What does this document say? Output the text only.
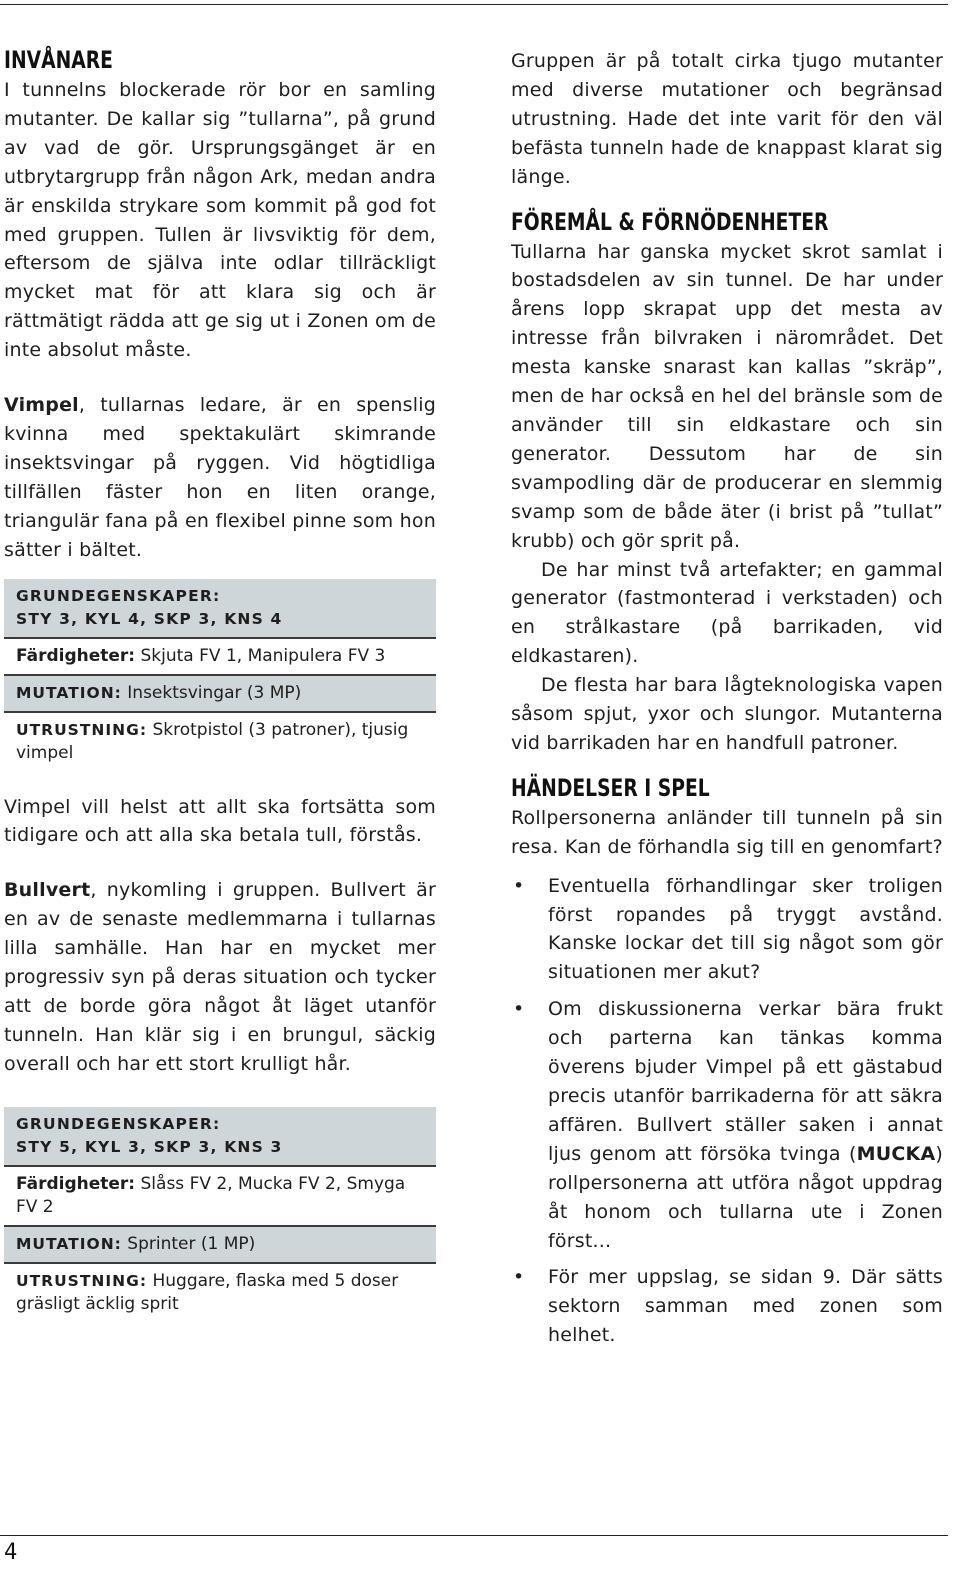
INVÅNARE

I tunnelns blockerade rör bor en samling mutanter. De kallar sig ”tullarna”, på grund av vad de gör. Ursprungsgänget är en utbrytargrupp från någon Ark, medan andra är enskilda strykare som kommit på god fot med gruppen. Tullen är livsviktig för dem, eftersom de själva inte odlar tillräckligt mycket mat för att klara sig och är rättmätigt rädda att ge sig ut i Zonen om de inte absolut måste.

Vimpel, tullarnas ledare, är en spenslig kvinna med spektakulärt skimrande insektsvingar på ryggen. Vid högtidliga tillfällen fäster hon en liten orange, triangulär fana på en flexibel pinne som hon sätter i bältet.

GRUNDEGENSKAPER:
STY 3, KYL 4, SKP 3, KNS 4
Färdigheter: Skjuta FV 1, Manipulera FV 3
MUTATION: Insektsvingar (3 MP)
UTRUSTNING: Skrotpistol (3 patroner), tjusig vimpel

Vimpel vill helst att allt ska fortsätta som tidigare och att alla ska betala tull, förstås.

Bullvert, nykomling i gruppen. Bullvert är en av de senaste medlemmarna i tullarnas lilla samhälle. Han har en mycket mer progressiv syn på deras situation och tycker att de borde göra något åt läget utanför tunneln. Han klär sig i en brungul, säckig overall och har ett stort krulligt hår.

GRUNDEGENSKAPER:
STY 5, KYL 3, SKP 3, KNS 3
Färdigheter: Slåss FV 2, Mucka FV 2, Smyga FV 2
MUTATION: Sprinter (1 MP)
UTRUSTNING: Huggare, flaska med 5 doser gräsligt äcklig sprit

Gruppen är på totalt cirka tjugo mutanter med diverse mutationer och begränsad utrustning. Hade det inte varit för den väl befästa tunneln hade de knappast klarat sig länge.

FÖREMÅL & FÖRNÖDENHETER

Tullarna har ganska mycket skrot samlat i bostadsdelen av sin tunnel. De har under årens lopp skrapat upp det mesta av intresse från bilvraken i närområdet. Det mesta kanske snarast kan kallas ”skräp”, men de har också en hel del bränsle som de använder till sin eldkastare och sin generator. Dessutom har de sin svampodling där de producerar en slemmig svamp som de både äter (i brist på ”tullat” krubb) och gör sprit på.

De har minst två artefakter; en gammal generator (fastmonterad i verkstaden) och en strålkastare (på barrikaden, vid eldkastaren).

De flesta har bara lågteknologiska vapen såsom spjut, yxor och slungor. Mutanterna vid barrikaden har en handfull patroner.

HÄNDELSER I SPEL

Rollpersonerna anländer till tunneln på sin resa. Kan de förhandla sig till en genomfart?

• Eventuella förhandlingar sker troligen först ropandes på tryggt avstånd. Kanske lockar det till sig något som gör situationen mer akut?
• Om diskussionerna verkar bära frukt och parterna kan tänkas komma överens bjuder Vimpel på ett gästabud precis utanför barrikaderna för att säkra affären. Bullvert ställer saken i annat ljus genom att försöka tvinga (MUCKA) rollpersonerna att utföra något uppdrag åt honom och tullarna ute i Zonen först...
• För mer uppslag, se sidan 9. Där sätts sektorn samman med zonen som helhet.
4
